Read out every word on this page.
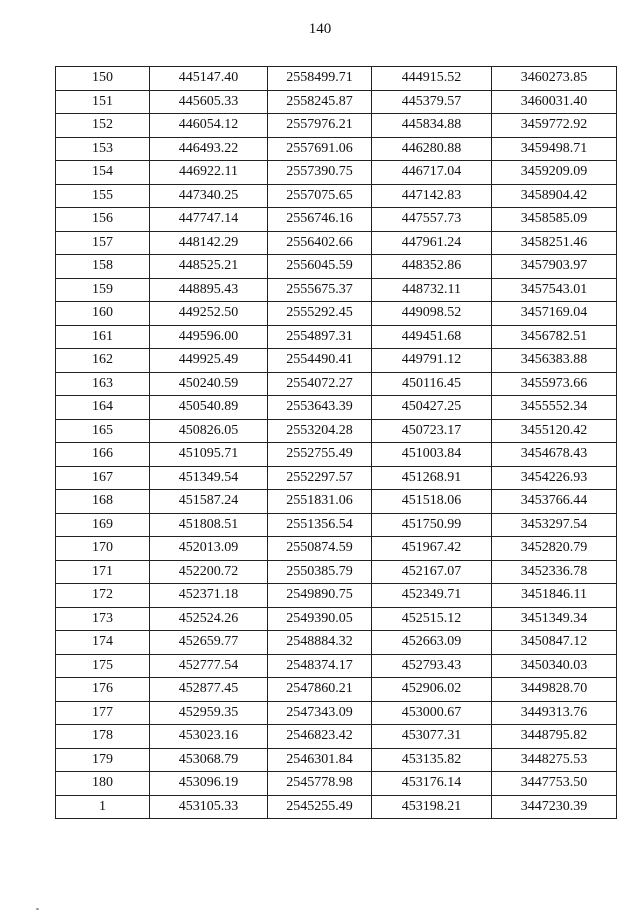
140
150	445147.40	2558499.71	444915.52	3460273.85
151	445605.33	2558245.87	445379.57	3460031.40
152	446054.12	2557976.21	445834.88	3459772.92
153	446493.22	2557691.06	446280.88	3459498.71
154	446922.11	2557390.75	446717.04	3459209.09
155	447340.25	2557075.65	447142.83	3458904.42
156	447747.14	2556746.16	447557.73	3458585.09
157	448142.29	2556402.66	447961.24	3458251.46
158	448525.21	2556045.59	448352.86	3457903.97
159	448895.43	2555675.37	448732.11	3457543.01
160	449252.50	2555292.45	449098.52	3457169.04
161	449596.00	2554897.31	449451.68	3456782.51
162	449925.49	2554490.41	449791.12	3456383.88
163	450240.59	2554072.27	450116.45	3455973.66
164	450540.89	2553643.39	450427.25	3455552.34
165	450826.05	2553204.28	450723.17	3455120.42
166	451095.71	2552755.49	451003.84	3454678.43
167	451349.54	2552297.57	451268.91	3454226.93
168	451587.24	2551831.06	451518.06	3453766.44
169	451808.51	2551356.54	451750.99	3453297.54
170	452013.09	2550874.59	451967.42	3452820.79
171	452200.72	2550385.79	452167.07	3452336.78
172	452371.18	2549890.75	452349.71	3451846.11
173	452524.26	2549390.05	452515.12	3451349.34
174	452659.77	2548884.32	452663.09	3450847.12
175	452777.54	2548374.17	452793.43	3450340.03
176	452877.45	2547860.21	452906.02	3449828.70
177	452959.35	2547343.09	453000.67	3449313.76
178	453023.16	2546823.42	453077.31	3448795.82
179	453068.79	2546301.84	453135.82	3448275.53
180	453096.19	2545778.98	453176.14	3447753.50
1	453105.33	2545255.49	453198.21	3447230.39
